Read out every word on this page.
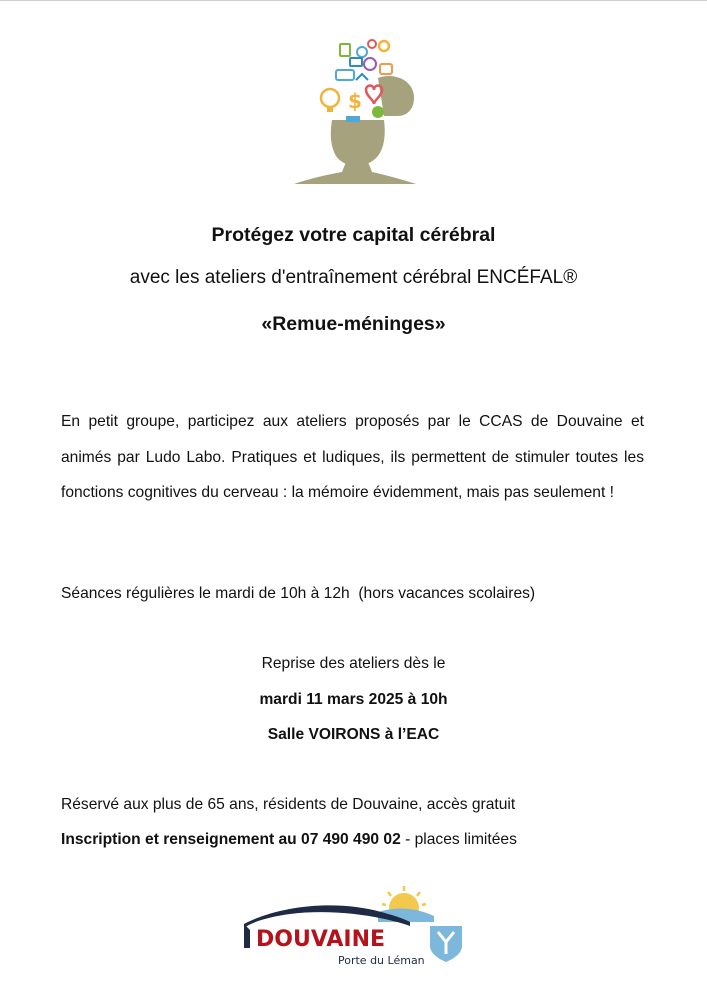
$
Protégez votre capital cérébral
avec les ateliers d'entraînement cérébral ENCÉFAL®
«Remue-méninges»

En petit groupe, participez aux ateliers proposés par le CCAS de Douvaine et animés par Ludo Labo. Pratiques et ludiques, ils permettent de stimuler toutes les fonctions cognitives du cerveau : la mémoire évidemment, mais pas seulement !

Séances régulières le mardi de 10h à 12h  (hors vacances scolaires)
Reprise des ateliers dès le
mardi 11 mars 2025 à 10h
Salle VOIRONS à l’EAC
Réservé aux plus de 65 ans, résidents de Douvaine, accès gratuit
Inscription et renseignement au 07 490 490 02 - places limitées
DOUVAINE
Porte du Léman
